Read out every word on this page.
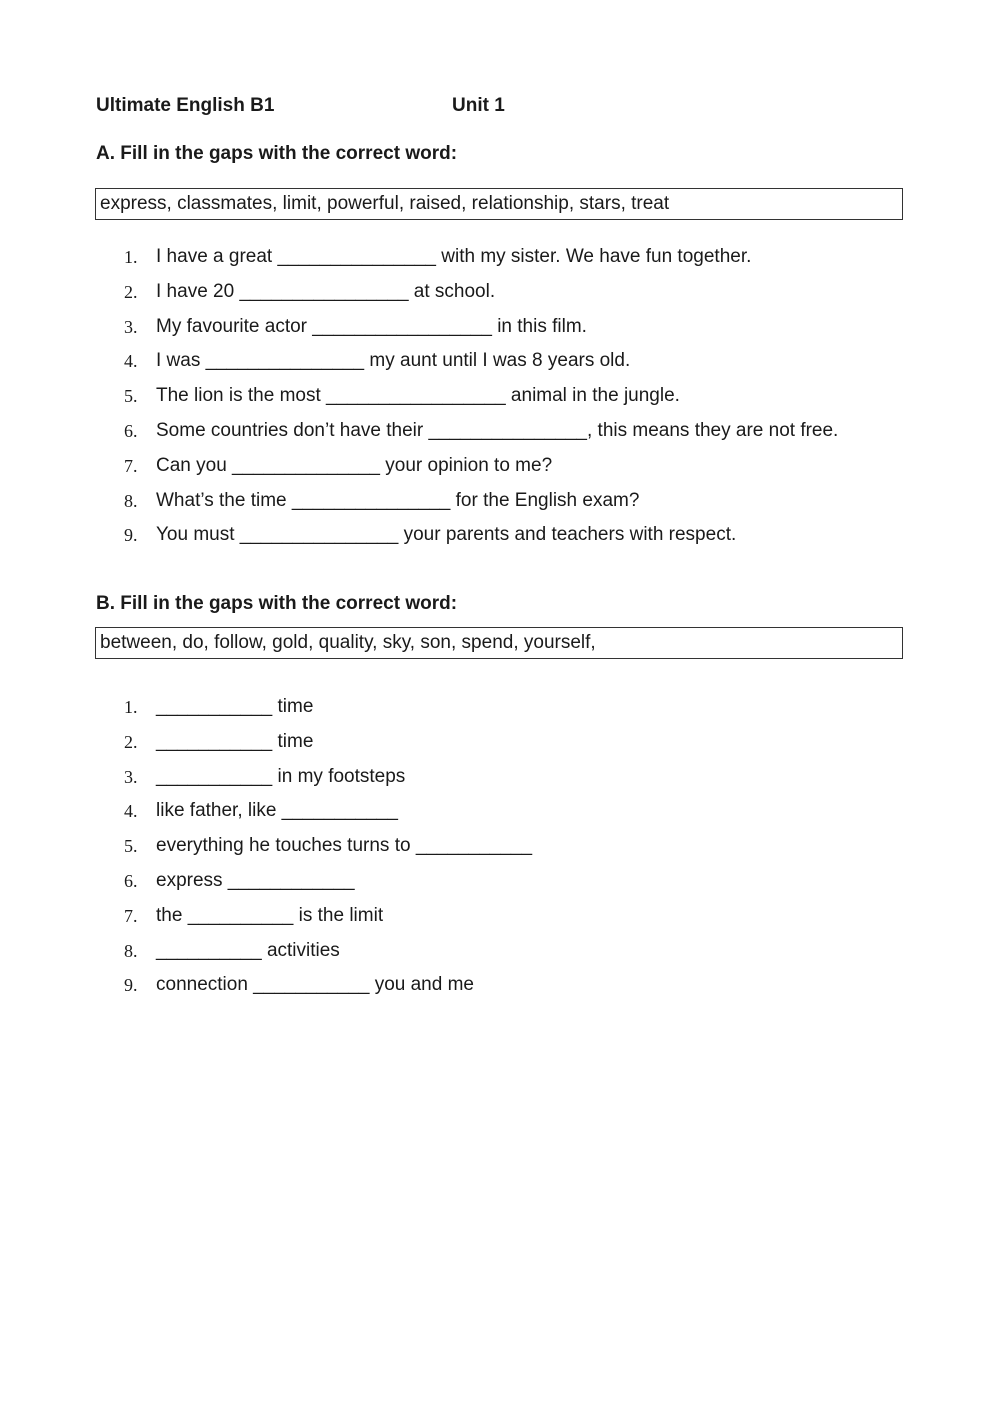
Ultimate English B1	Unit 1
A. Fill in the gaps with the correct word:
express, classmates, limit, powerful, raised, relationship, stars, treat
1. I have a great _______________ with my sister. We have fun together.
2. I have 20 ________________ at school.
3. My favourite actor _________________ in this film.
4. I was _______________ my aunt until I was 8 years old.
5. The lion is the most _________________ animal in the jungle.
6. Some countries don’t have their _______________, this means they are not free.
7. Can you ______________ your opinion to me?
8. What’s the time _______________ for the English exam?
9. You must _______________ your parents and teachers with respect.
B. Fill in the gaps with the correct word:
between, do, follow, gold, quality, sky, son, spend, yourself,
1. ___________ time
2. ___________ time
3. ___________ in my footsteps
4. like father, like ___________
5. everything he touches turns to ___________
6. express ____________
7. the __________ is the limit
8. __________ activities
9. connection ___________ you and me
